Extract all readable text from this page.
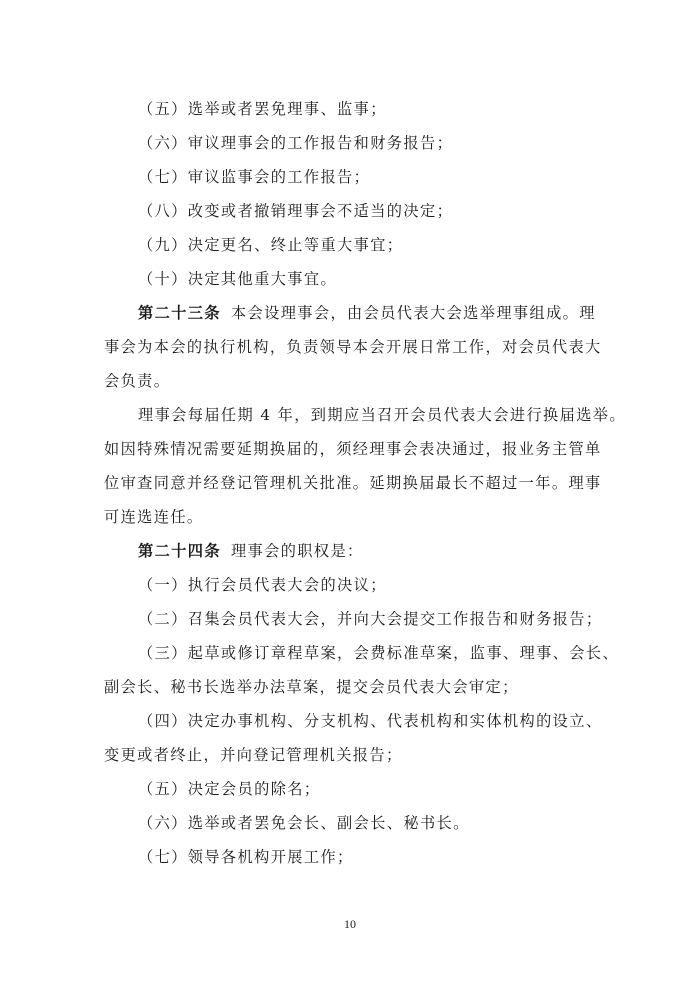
（五）选举或者罢免理事、监事；
（六）审议理事会的工作报告和财务报告；
（七）审议监事会的工作报告；
（八）改变或者撤销理事会不适当的决定；
（九）决定更名、终止等重大事宜；
（十）决定其他重大事宜。
第二十三条 本会设理事会，由会员代表大会选举理事组成。理
事会为本会的执行机构，负责领导本会开展日常工作，对会员代表大
会负责。
理事会每届任期 4 年，到期应当召开会员代表大会进行换届选举。
如因特殊情况需要延期换届的，须经理事会表决通过，报业务主管单
位审查同意并经登记管理机关批准。延期换届最长不超过一年。理事
可连选连任。
第二十四条 理事会的职权是：
（一）执行会员代表大会的决议；
（二）召集会员代表大会，并向大会提交工作报告和财务报告；
（三）起草或修订章程草案，会费标准草案，监事、理事、会长、
副会长、秘书长选举办法草案，提交会员代表大会审定；
（四）决定办事机构、分支机构、代表机构和实体机构的设立、
变更或者终止，并向登记管理机关报告；
（五）决定会员的除名；
（六）选举或者罢免会长、副会长、秘书长。
（七）领导各机构开展工作；
10
